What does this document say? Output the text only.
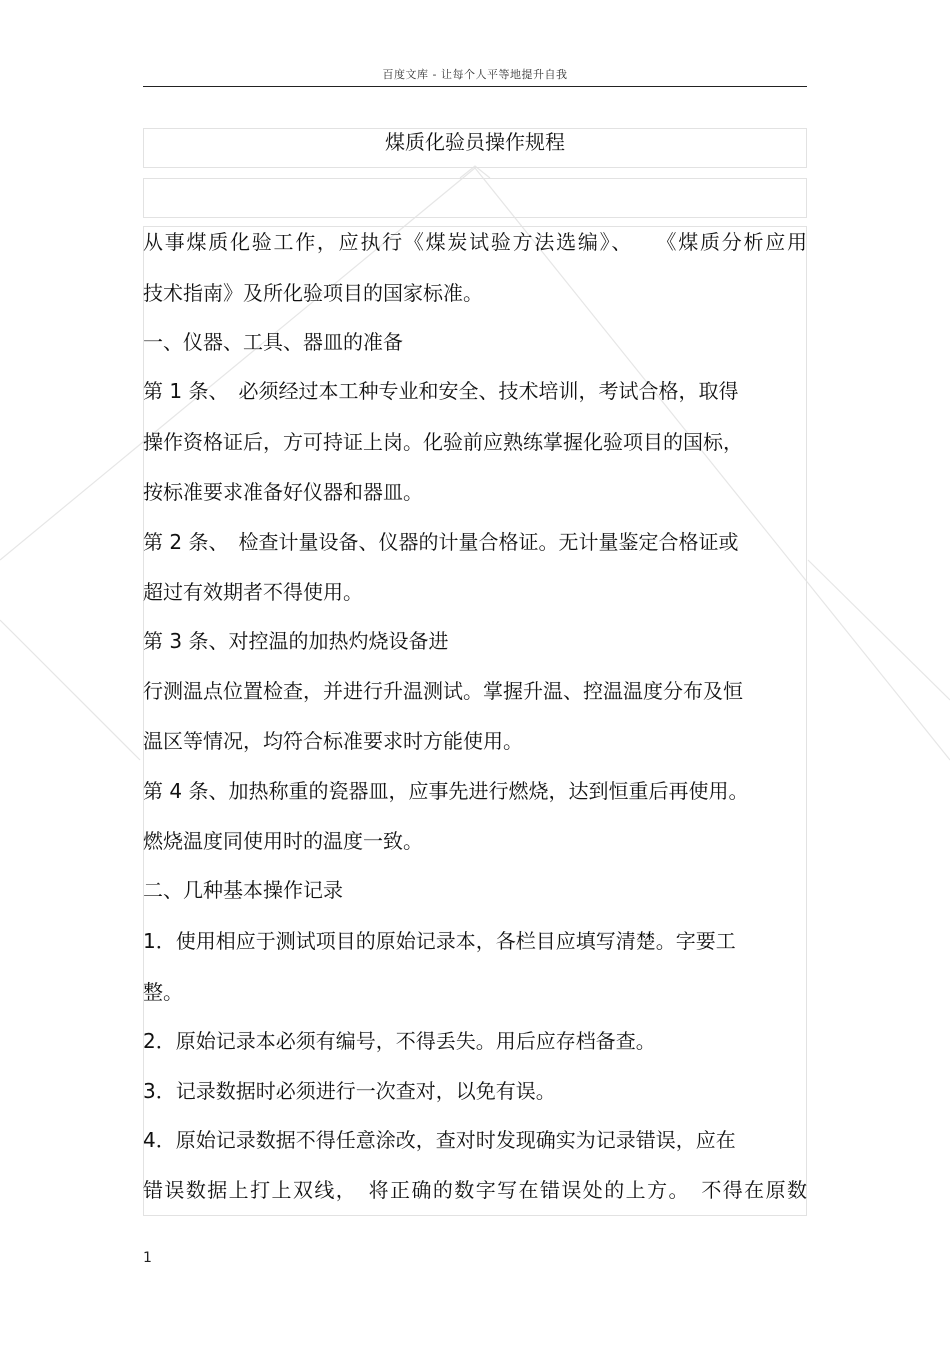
百度文库 - 让每个人平等地提升自我
煤质化验员操作规程
从事煤质化验工作，应执行《煤炭试验方法选编》、　　《煤质分析应用
技术指南》及所化验项目的国家标准。
一、仪器、工具、器皿的准备
第 1 条、　必须经过本工种专业和安全、技术培训，考试合格，取得
操作资格证后，方可持证上岗。化验前应熟练掌握化验项目的国标，
按标准要求准备好仪器和器皿。
第 2 条、　检查计量设备、仪器的计量合格证。无计量鉴定合格证或
超过有效期者不得使用。
第 3 条、对控温的加热灼烧设备进
行测温点位置检查，并进行升温测试。掌握升温、控温温度分布及恒
温区等情况，均符合标准要求时方能使用。
第 4 条、加热称重的瓷器皿，应事先进行燃烧，达到恒重后再使用。
燃烧温度同使用时的温度一致。
二、几种基本操作记录
1．使用相应于测试项目的原始记录本，各栏目应填写清楚。字要工
整。
2．原始记录本必须有编号，不得丢失。用后应存档备查。
3．记录数据时必须进行一次查对，以免有误。
4．原始记录数据不得任意涂改，查对时发现确实为记录错误，应在
错误数据上打上双线，　将正确的数字写在错误处的上方。　不得在原数
1
